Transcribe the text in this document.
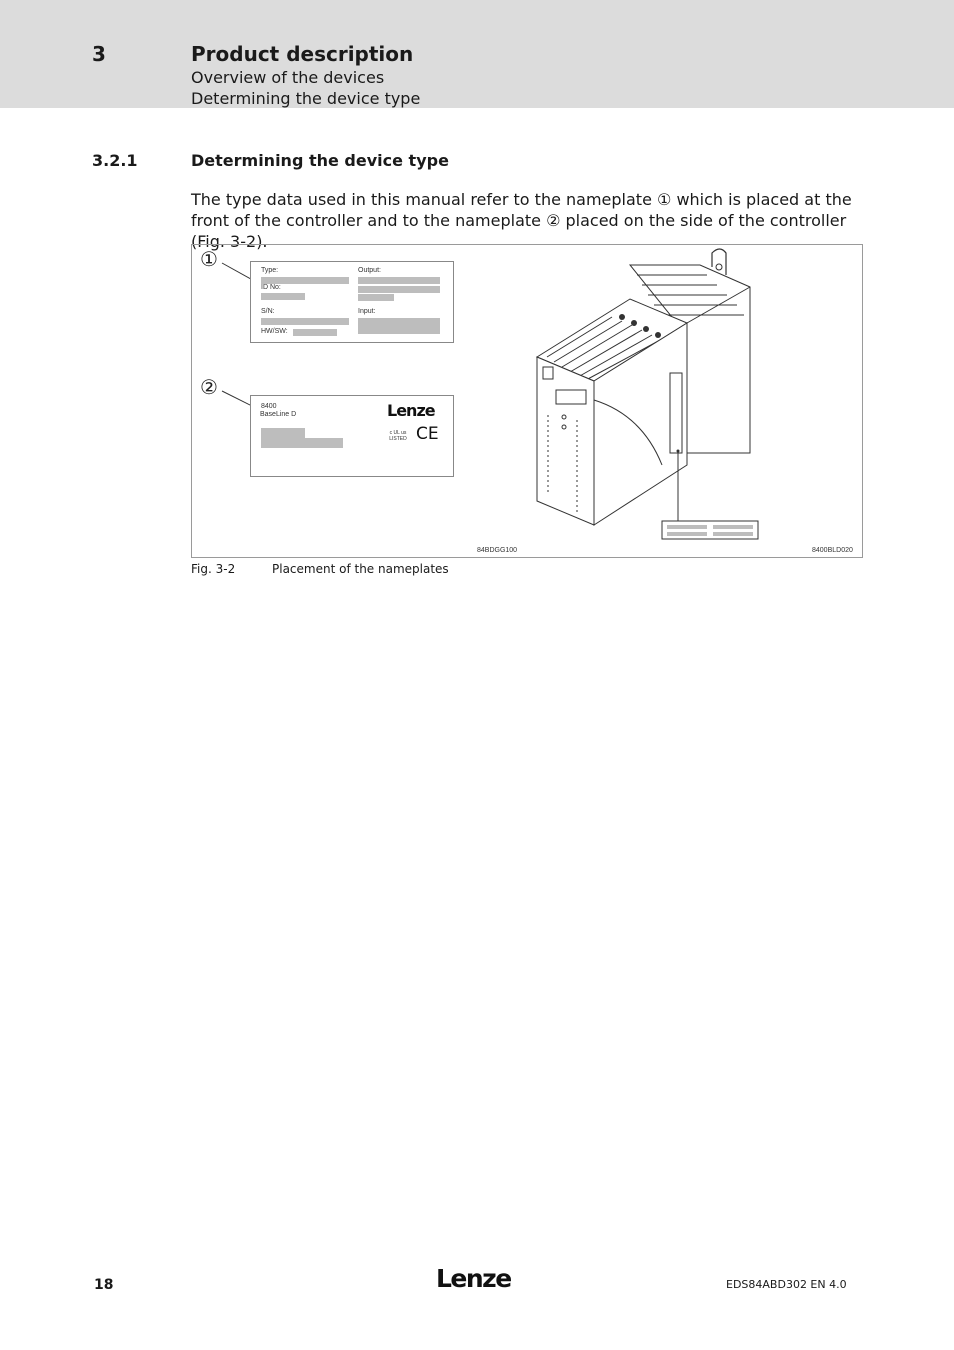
3	Product description
Overview of the devices
Determining the device type
3.2.1	Determining the device type
The type data used in this manual refer to the nameplate ① which is placed at the front of the controller and to the nameplate ② placed on the side of the controller (Fig. 3-2).
①
②
Type:
ID No:
S/N:
HW/SW:
Output:
Input:
8400
BaseLine D	Lenze
c UL us LISTED CE
84BDGG100	8400BLD020
Fig. 3-2	Placement of the nameplates
18	Lenze	EDS84ABD302 EN 4.0
